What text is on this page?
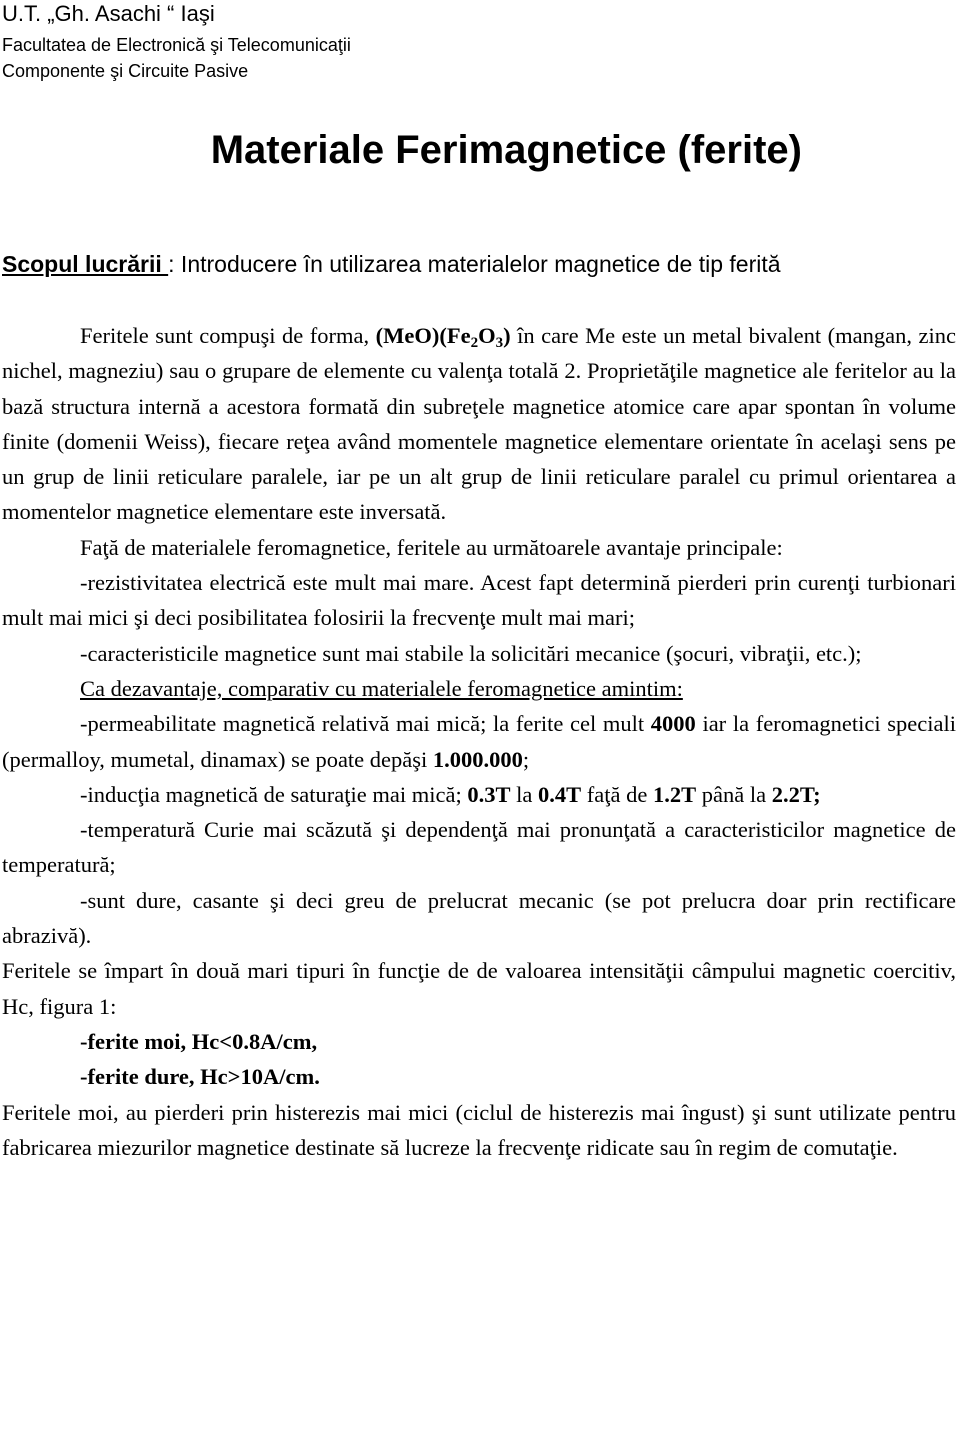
U.T. „Gh. Asachi “ Iaşi
Facultatea de Electronică şi Telecomunicaţii
Componente şi Circuite Pasive
Materiale Ferimagnetice (ferite)
Scopul lucrării : Introducere în utilizarea materialelor magnetice de tip ferită

Feritele sunt compuşi de forma, $(MeO)(Fe_2O_3)$ în care Me este un metal bivalent (mangan, zinc nichel, magneziu) sau o grupare de elemente cu valenţa totală 2. Proprietăţile magnetice ale feritelor au la bază structura internă a acestora formată din subreţele magnetice atomice care apar spontan în volume finite (domenii Weiss), fiecare reţea având momentele magnetice elementare orientate în acelaşi sens pe un grup de linii reticulare paralele, iar pe un alt grup de linii reticulare paralel cu primul orientarea a momentelor magnetice elementare este inversată.

Faţă de materialele feromagnetice, feritele au următoarele avantaje principale:

-rezistivitatea electrică este mult mai mare. Acest fapt determină pierderi prin curenţi turbionari mult mai mici şi deci posibilitatea folosirii la frecvenţe mult mai mari;

-caracteristicile magnetice sunt mai stabile la solicitări mecanice (şocuri, vibraţii, etc.);

Ca dezavantaje, comparativ cu materialele feromagnetice amintim:

-permeabilitate magnetică relativă mai mică; la ferite cel mult 4000 iar la feromagnetici speciali (permalloy, mumetal, dinamax) se poate depăşi 1.000.000;

-inducţia magnetică de saturaţie mai mică; 0.3T la 0.4T faţă de 1.2T până la 2.2T;

-temperatură Curie mai scăzută şi dependenţă mai pronunţată a caracteristicilor magnetice de temperatură;

-sunt dure, casante şi deci greu de prelucrat mecanic (se pot prelucra doar prin rectificare abrazivă).

Feritele se împart în două mari tipuri în funcţie de de valoarea intensităţii câmpului magnetic coercitiv, Hc, figura 1:

-ferite moi, Hc<0.8A/cm,

-ferite dure, Hc>10A/cm.

Feritele moi, au pierderi prin histerezis mai mici (ciclul de histerezis mai îngust) şi sunt utilizate pentru fabricarea miezurilor magnetice destinate să lucreze la frecvenţe ridicate sau în regim de comutaţie.
